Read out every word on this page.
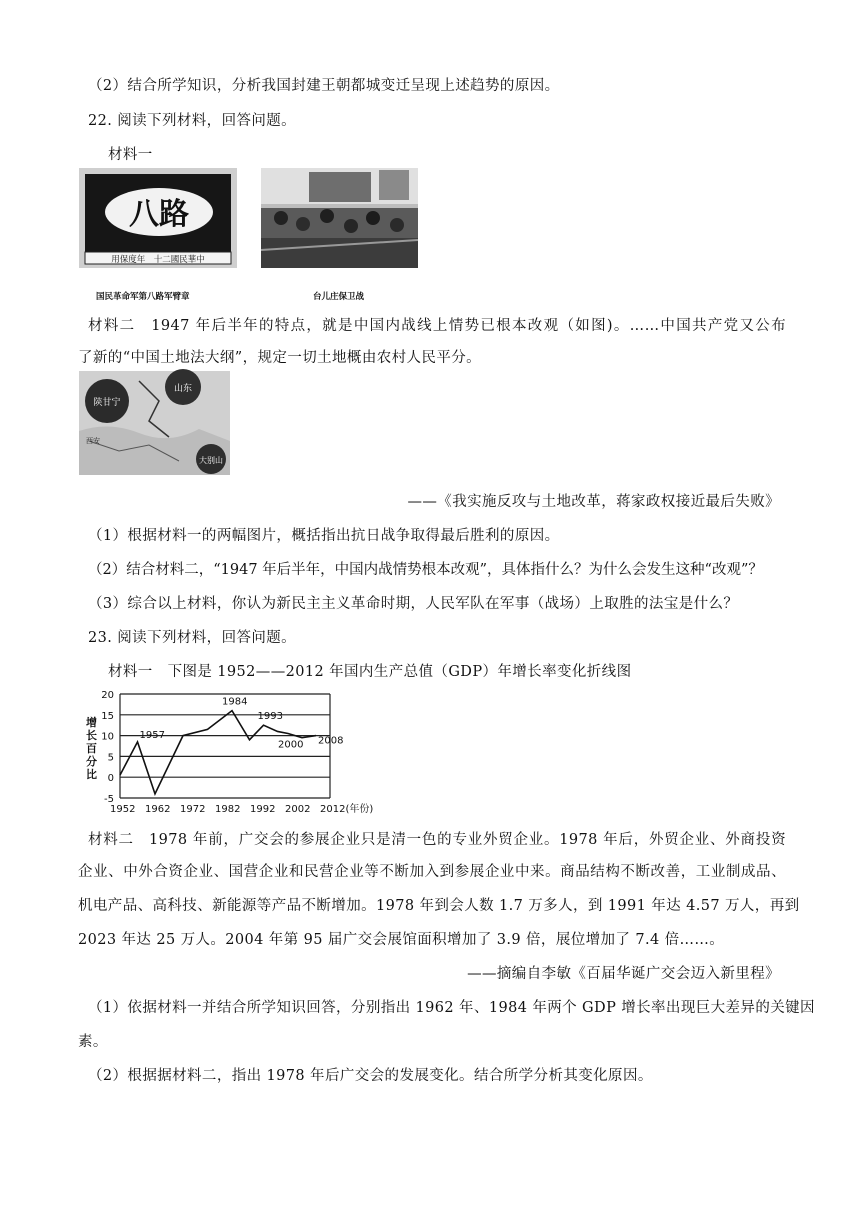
（2）结合所学知识，分析我国封建王朝都城变迁呈现上述趋势的原因。
22. 阅读下列材料，回答问题。
材料一
八路
用保度年　十二國民華中
国民革命军第八路军臂章	台儿庄保卫战
材料二　1947 年后半年的特点，就是中国内战线上情势已根本改观（如图)。……中国共产党又公布
了新的“中国土地法大纲”，规定一切土地概由农村人民平分。
陕甘宁
山东
大别山
西安
——《我实施反攻与土地改革，蒋家政权接近最后失败》
（1）根据材料一的两幅图片，概括指出抗日战争取得最后胜利的原因。
（2）结合材料二，“1947 年后半年，中国内战情势根本改观”，具体指什么？为什么会发生这种“改观”？
（3）综合以上材料，你认为新民主主义革命时期，人民军队在军事（战场）上取胜的法宝是什么？
23. 阅读下列材料，回答问题。
材料一　下图是 1952——2012 年国内生产总值（GDP）年增长率变化折线图
20
15
10
5
0
-5
增长百分比
1952 1962 1972 1982 1992 2002 2012(年份)
1957
1984
1993
2000 2008
材料二　1978 年前，广交会的参展企业只是清一色的专业外贸企业。1978 年后，外贸企业、外商投资
企业、中外合资企业、国营企业和民营企业等不断加入到参展企业中来。商品结构不断改善，工业制成品、
机电产品、高科技、新能源等产品不断增加。1978 年到会人数 1.7 万多人，到 1991 年达 4.57 万人，再到
2023 年达 25 万人。2004 年第 95 届广交会展馆面积增加了 3.9 倍，展位增加了 7.4 倍……。
——摘编自李敏《百届华诞广交会迈入新里程》
（1）依据材料一并结合所学知识回答，分别指出 1962 年、1984 年两个 GDP 增长率出现巨大差异的关键因
素。
（2）根据据材料二，指出 1978 年后广交会的发展变化。结合所学分析其变化原因。
